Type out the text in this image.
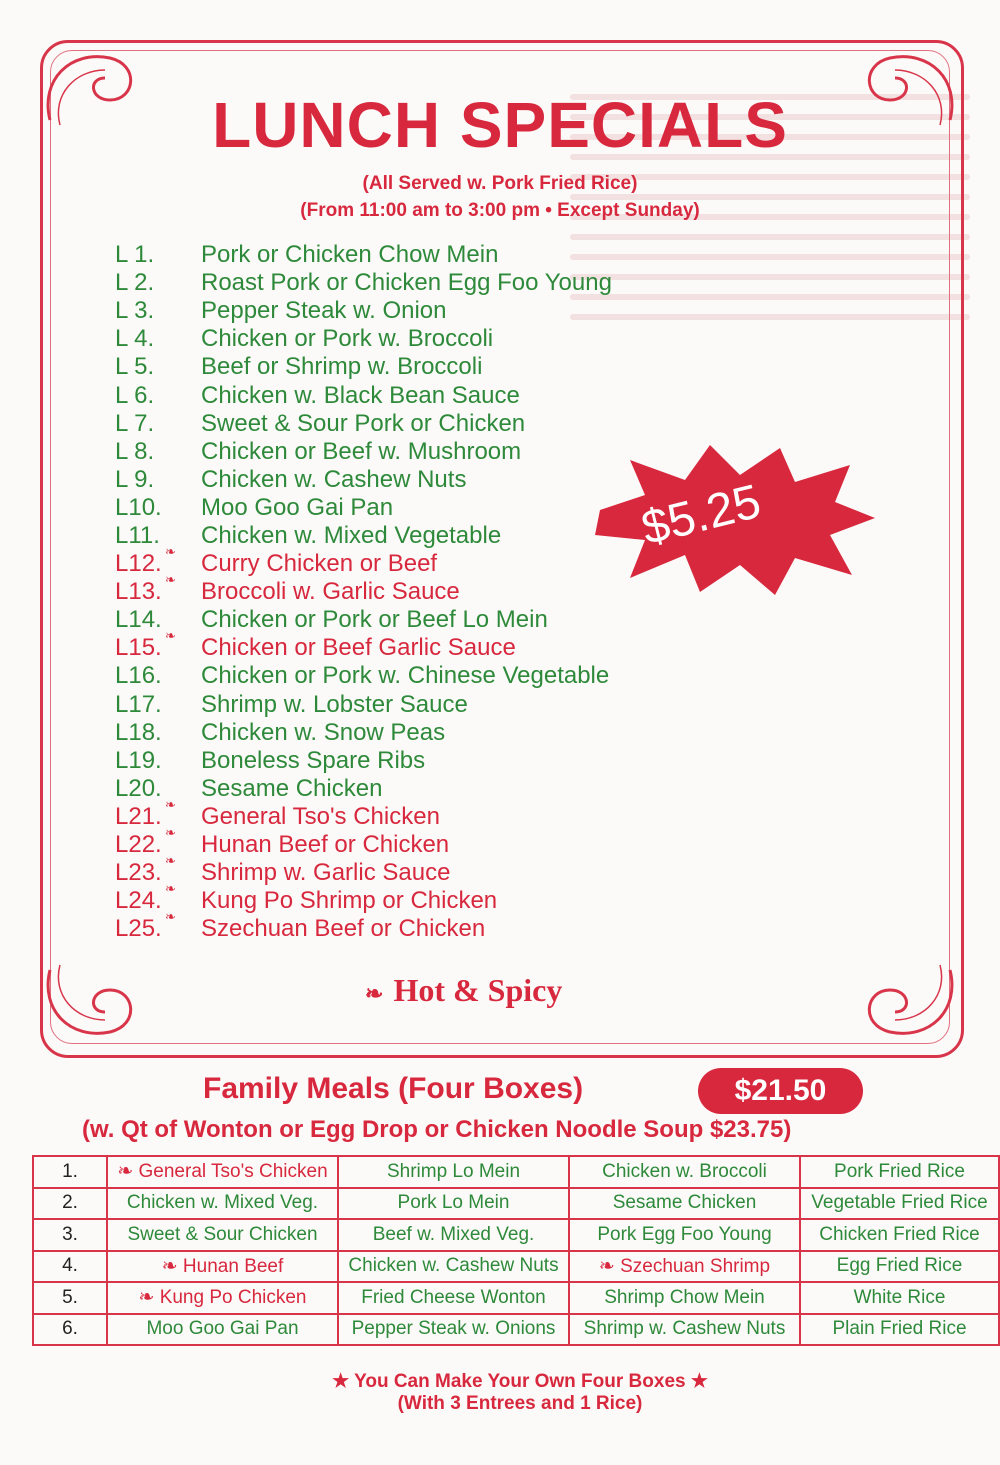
LUNCH SPECIALS
(All Served w. Pork Fried Rice)
(From 11:00 am to 3:00 pm • Except Sunday)
L 1.	Pork or Chicken Chow Mein
L 2.	Roast Pork or Chicken Egg Foo Young
L 3.	Pepper Steak w. Onion
L 4.	Chicken or Pork w. Broccoli
L 5.	Beef or Shrimp w. Broccoli
L 6.	Chicken w. Black Bean Sauce
L 7.	Sweet & Sour Pork or Chicken
L 8.	Chicken or Beef w. Mushroom
L 9.	Chicken w. Cashew Nuts
L10.	Moo Goo Gai Pan
L11.	Chicken w. Mixed Vegetable
L12. ❧ Curry Chicken or Beef
L13. ❧ Broccoli w. Garlic Sauce
L14.	Chicken or Pork or Beef Lo Mein
L15. ❧ Chicken or Beef Garlic Sauce
L16.	Chicken or Pork w. Chinese Vegetable
L17.	Shrimp w. Lobster Sauce
L18.	Chicken w. Snow Peas
L19.	Boneless Spare Ribs
L20.	Sesame Chicken
L21. ❧ General Tso's Chicken
L22. ❧ Hunan Beef or Chicken
L23. ❧ Shrimp w. Garlic Sauce
L24. ❧ Kung Po Shrimp or Chicken
L25. ❧ Szechuan Beef or Chicken
$5.25
❧ Hot & Spicy
Family Meals (Four Boxes)	$21.50
(w. Qt of Wonton or Egg Drop or Chicken Noodle Soup $23.75)
1.	❧ General Tso's Chicken	Shrimp Lo Mein	Chicken w. Broccoli	Pork Fried Rice
2.	Chicken w. Mixed Veg.	Pork Lo Mein	Sesame Chicken	Vegetable Fried Rice
3.	Sweet & Sour Chicken	Beef w. Mixed Veg.	Pork Egg Foo Young	Chicken Fried Rice
4.	❧ Hunan Beef	Chicken w. Cashew Nuts	❧ Szechuan Shrimp	Egg Fried Rice
5.	❧ Kung Po Chicken	Fried Cheese Wonton	Shrimp Chow Mein	White Rice
6.	Moo Goo Gai Pan	Pepper Steak w. Onions	Shrimp w. Cashew Nuts	Plain Fried Rice
★ You Can Make Your Own Four Boxes ★
(With 3 Entrees and 1 Rice)
